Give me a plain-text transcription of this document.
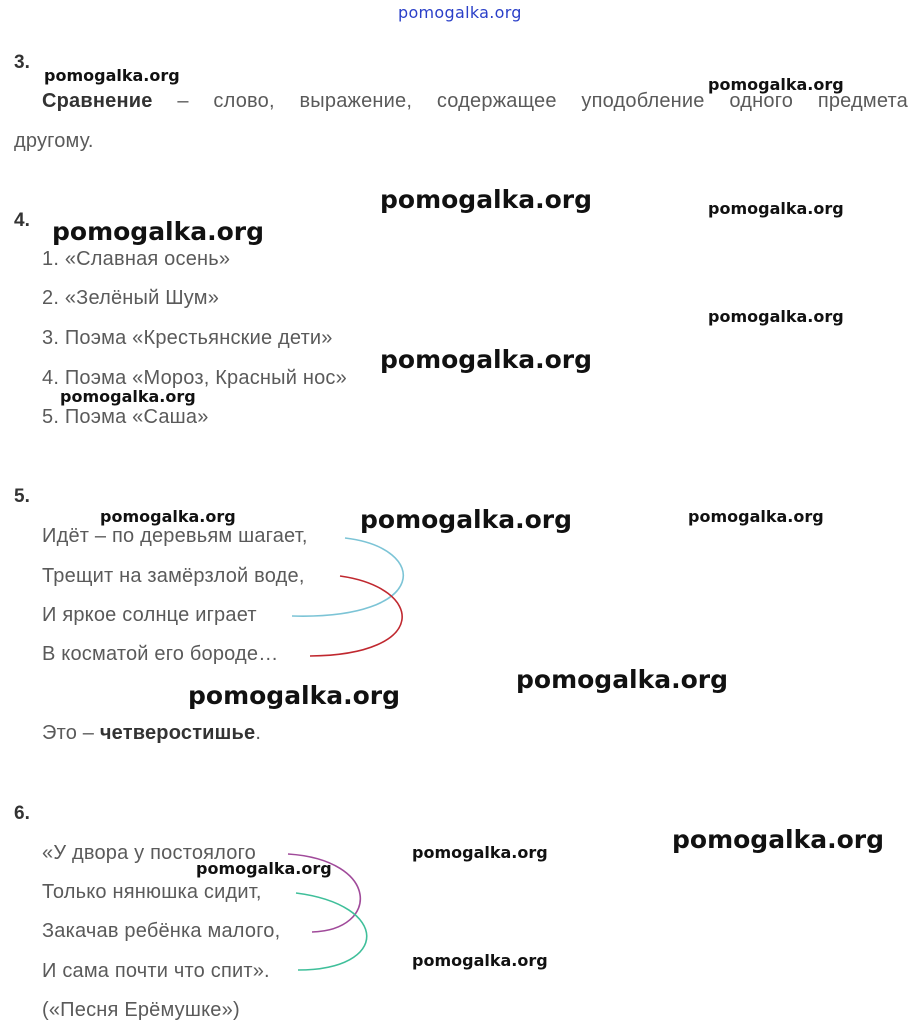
pomogalka.org
3.
Сравнение – слово, выражение, содержащее уподобление одного предмета
другому.
4.
1. «Славная осень»
2. «Зелёный Шум»
3. Поэма «Крестьянские дети»
4. Поэма «Мороз, Красный нос»
5. Поэма «Саша»
5.
Идёт – по деревьям шагает,
Трещит на замёрзлой воде,
И яркое солнце играет
В косматой его бороде…
Это – четверостишье.
6.
«У двора у постоялого
Только нянюшка сидит,
Закачав ребёнка малого,
И сама почти что спит».
(«Песня Ерёмушке»)
pomogalka.org	pomogalka.org
pomogalka.org	pomogalka.org
pomogalka.org
pomogalka.org
pomogalka.org
pomogalka.org
pomogalka.org	pomogalka.org	pomogalka.org
pomogalka.org
pomogalka.org
pomogalka.org
pomogalka.org
pomogalka.org
pomogalka.org
